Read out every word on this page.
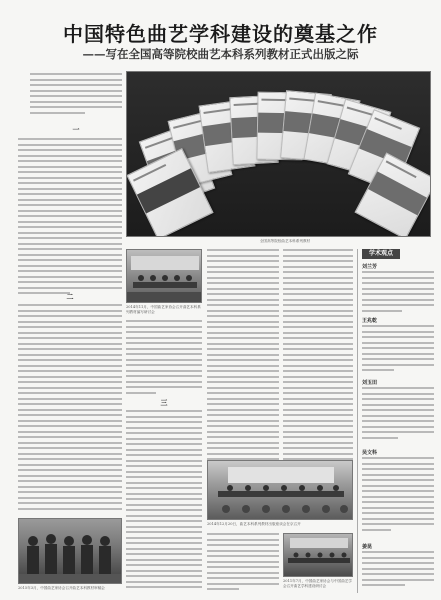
中国特色曲艺学科建设的奠基之作
——写在全国高等院校曲艺本科系列教材正式出版之际
一
二
2015年3月，中国曲艺家协会召开曲艺本科教材审稿会
全国高等院校曲艺本科系列教材
2014年11月，中国曲艺家协会召开曲艺本科系列教材编写研讨会
三
2014年12月20日，曲艺本科系列教材出版座谈会在京召开
2011年7月，中国曲艺家协会与中国曲艺学会召开曲艺学科建设研讨会
学术观点
刘兰芳
王兆乾
刘玉田
吴文科
姜昆
